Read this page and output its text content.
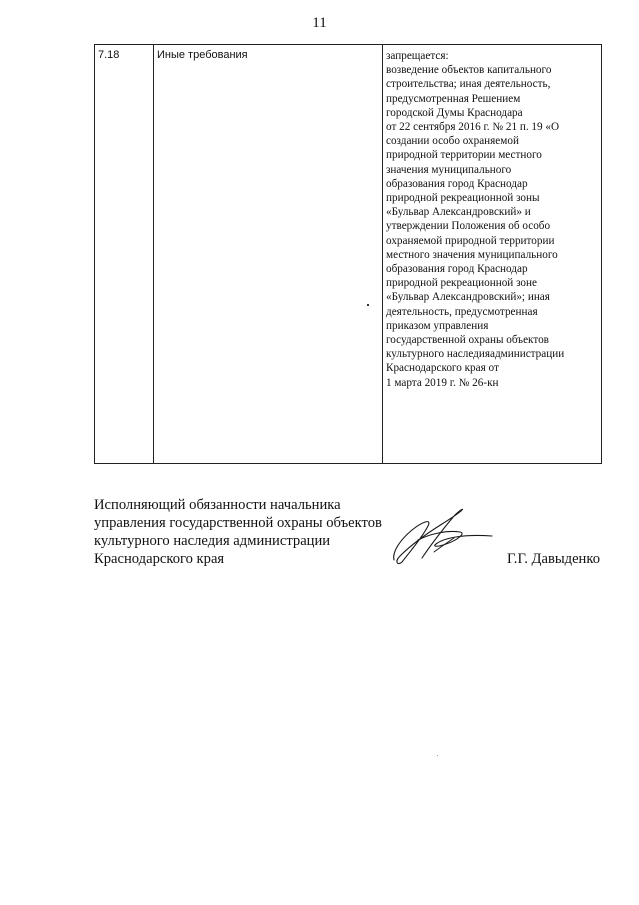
11
7.18	Иные требования	запрещается:
возведение объектов капитального
строительства; иная деятельность,
предусмотренная Решением
городской Думы Краснодара
от 22 сентября 2016 г. № 21 п. 19 «О
создании особо охраняемой
природной территории местного
значения муниципального
образования город Краснодар
природной рекреационной зоны
«Бульвар Александровский» и
утверждении Положения об особо
охраняемой природной территории
местного значения муниципального
образования город Краснодар
природной рекреационной зоне
«Бульвар Александровский»; иная
деятельность, предусмотренная
приказом управления
государственной охраны объектов
культурного наследияадминистрации
Краснодарского края от
1 марта 2019 г. № 26-кн
Исполняющий обязанности начальника
управления государственной охраны объектов
культурного наследия администрации
Краснодарского края	Г.Г. Давыденко
